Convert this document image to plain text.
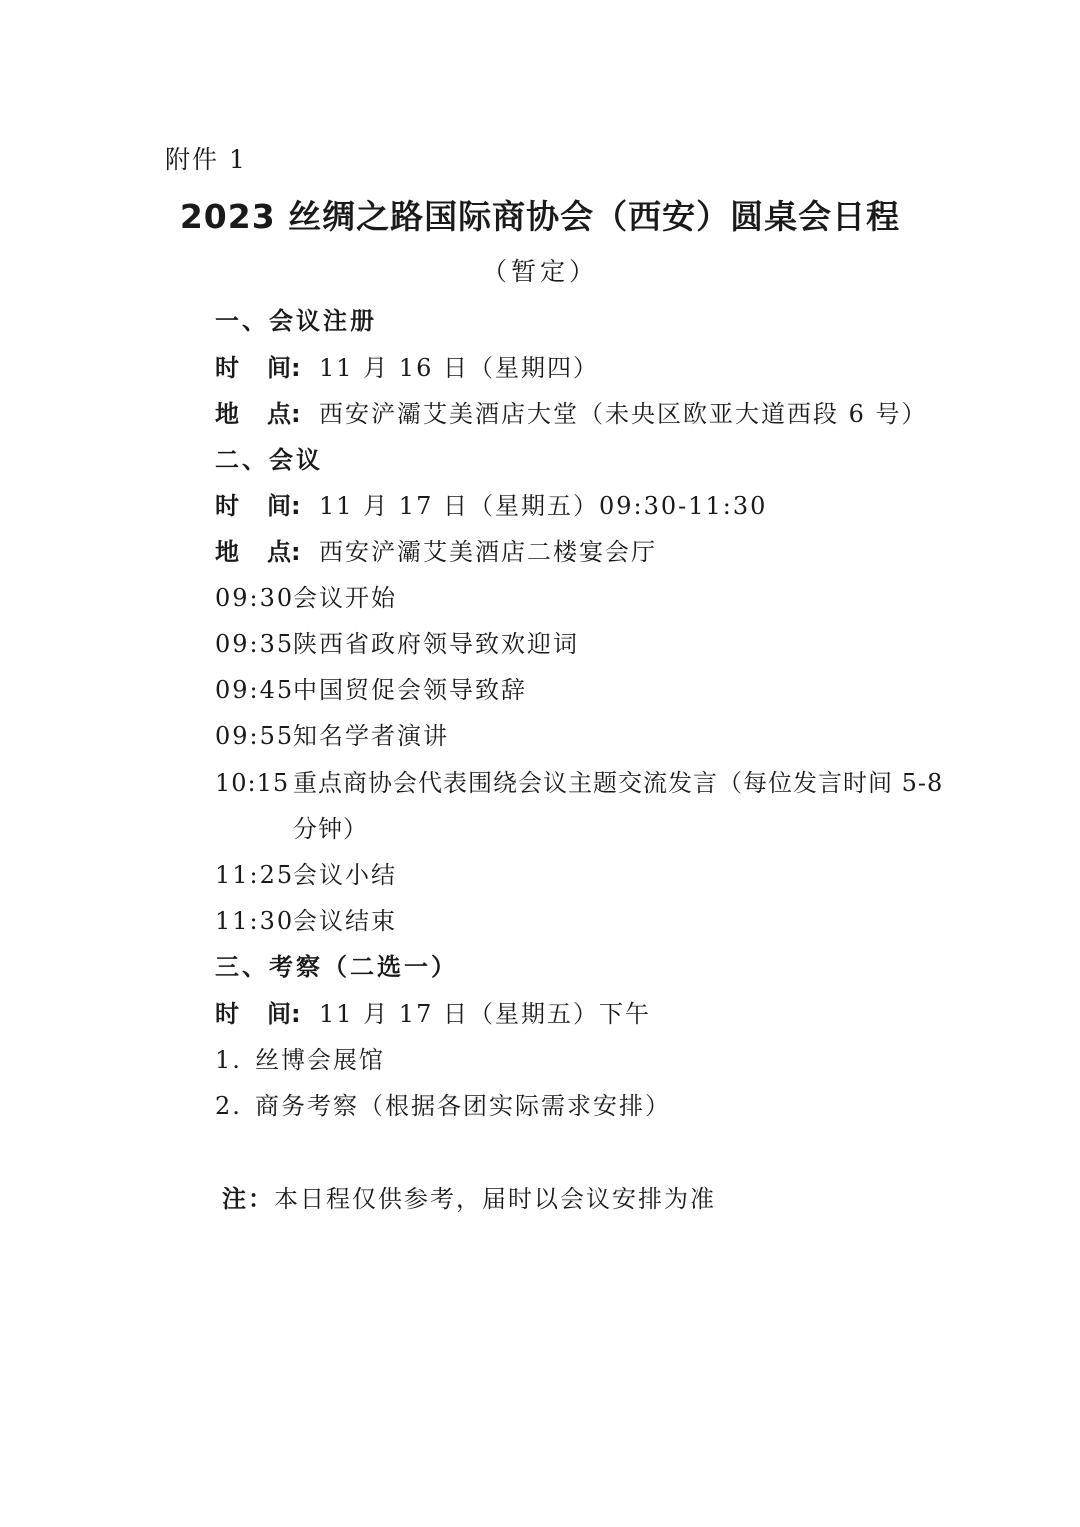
附件 1
2023 丝绸之路国际商协会（西安）圆桌会日程
（暂定）
一、会议注册
时 间: 11 月 16 日（星期四）
地 点: 西安浐灞艾美酒店大堂（未央区欧亚大道西段 6 号）
二、会议
时 间: 11 月 17 日（星期五）09:30-11:30
地 点: 西安浐灞艾美酒店二楼宴会厅
09:30会议开始
09:35陕西省政府领导致欢迎词
09:45中国贸促会领导致辞
09:55知名学者演讲
10:15 重点商协会代表围绕会议主题交流发言（每位发言时间 5-8
分钟）
11:25会议小结
11:30会议结束
三、考察（二选一）
时 间: 11 月 17 日（星期五）下午
1. 丝博会展馆
2. 商务考察（根据各团实际需求安排）
注：本日程仅供参考，届时以会议安排为准
